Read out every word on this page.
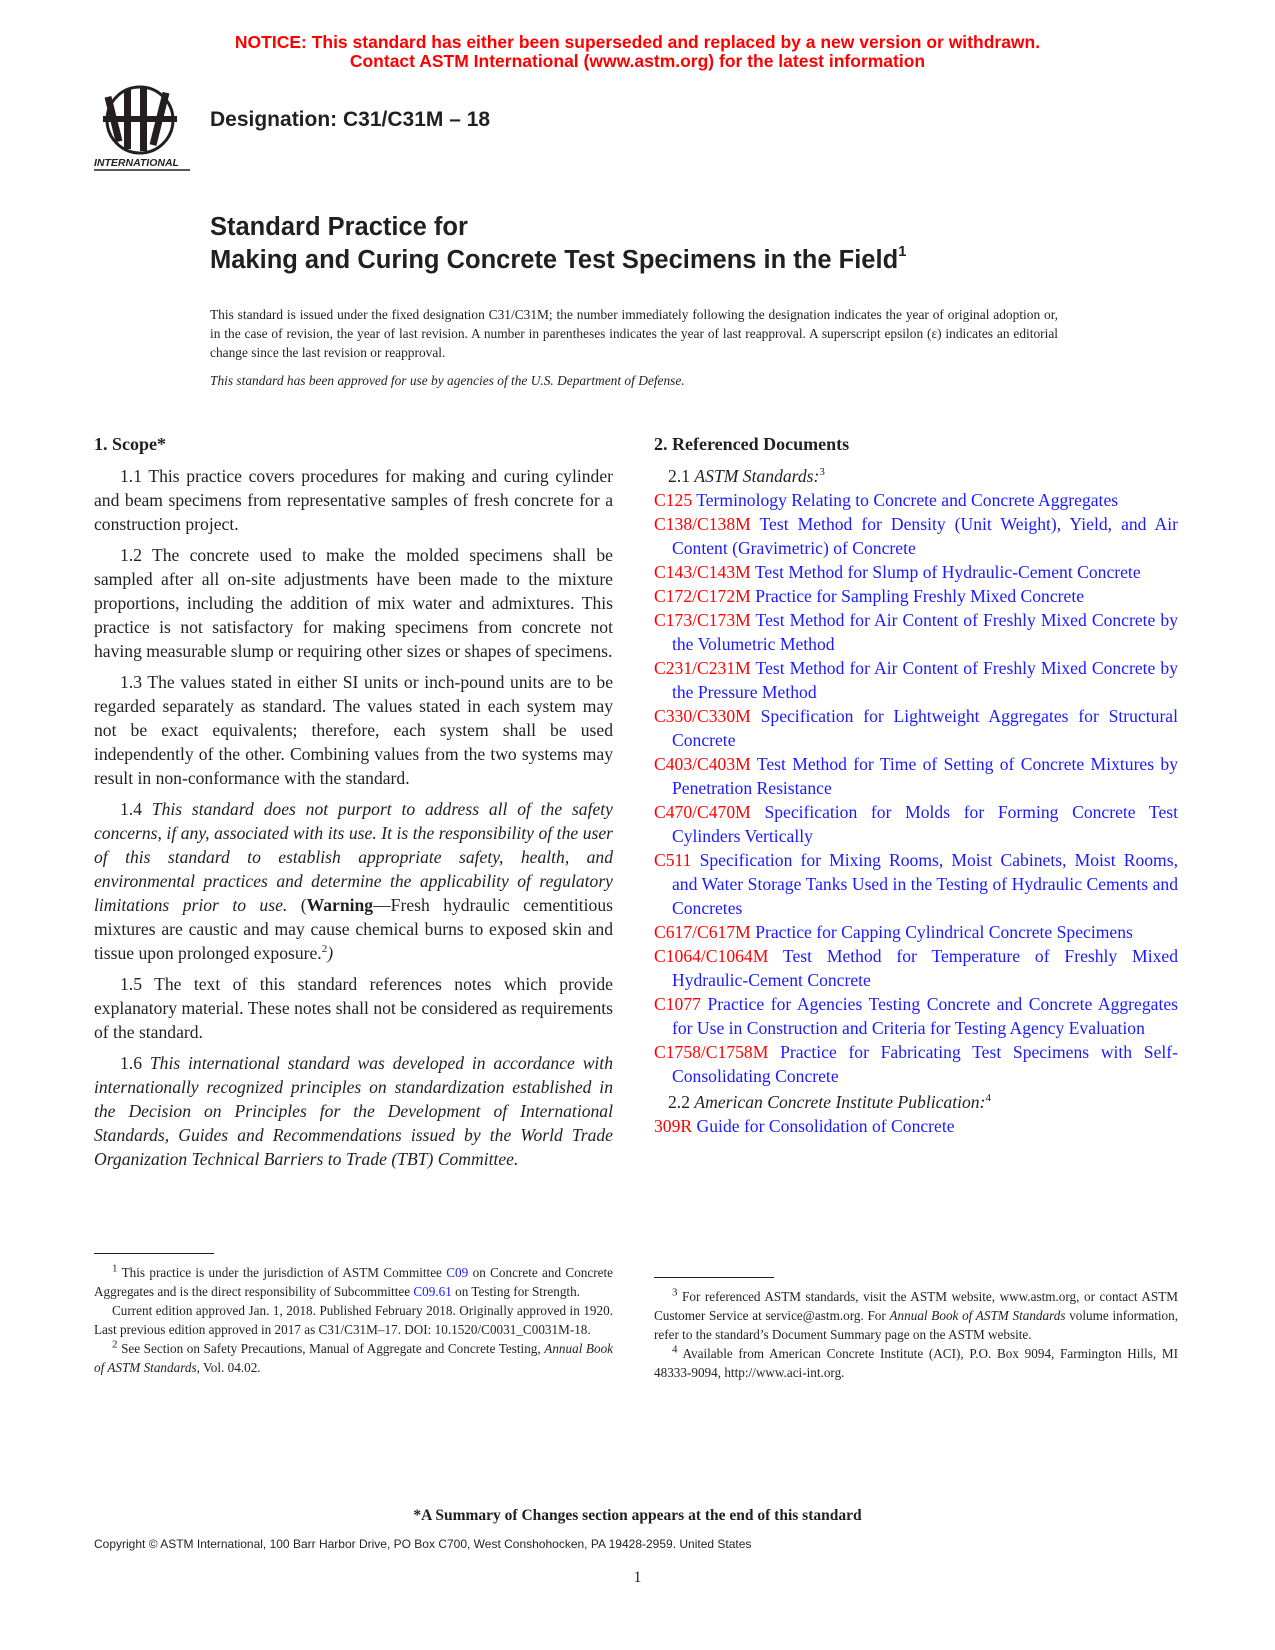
NOTICE: This standard has either been superseded and replaced by a new version or withdrawn.
Contact ASTM International (www.astm.org) for the latest information
INTERNATIONAL
Designation: C31/C31M – 18
Standard Practice for
Making and Curing Concrete Test Specimens in the Field$^1$
This standard is issued under the fixed designation C31/C31M; the number immediately following the designation indicates the year of original adoption or, in the case of revision, the year of last revision. A number in parentheses indicates the year of last reapproval. A superscript epsilon (ε) indicates an editorial change since the last revision or reapproval.
This standard has been approved for use by agencies of the U.S. Department of Defense.
1. Scope*

1.1 This practice covers procedures for making and curing cylinder and beam specimens from representative samples of fresh concrete for a construction project.

1.2 The concrete used to make the molded specimens shall be sampled after all on-site adjustments have been made to the mixture proportions, including the addition of mix water and admixtures. This practice is not satisfactory for making specimens from concrete not having measurable slump or requiring other sizes or shapes of specimens.

1.3 The values stated in either SI units or inch-pound units are to be regarded separately as standard. The values stated in each system may not be exact equivalents; therefore, each system shall be used independently of the other. Combining values from the two systems may result in non-conformance with the standard.

1.4 This standard does not purport to address all of the safety concerns, if any, associated with its use. It is the responsibility of the user of this standard to establish appropriate safety, health, and environmental practices and determine the applicability of regulatory limitations prior to use. (Warning—Fresh hydraulic cementitious mixtures are caustic and may cause chemical burns to exposed skin and tissue upon prolonged exposure.$^2$)

1.5 The text of this standard references notes which provide explanatory material. These notes shall not be considered as requirements of the standard.

1.6 This international standard was developed in accordance with internationally recognized principles on standardization established in the Decision on Principles for the Development of International Standards, Guides and Recommendations issued by the World Trade Organization Technical Barriers to Trade (TBT) Committee.

2. Referenced Documents

2.1 ASTM Standards:$^3$

C125 Terminology Relating to Concrete and Concrete Aggregates

C138/C138M Test Method for Density (Unit Weight), Yield, and Air Content (Gravimetric) of Concrete

C143/C143M Test Method for Slump of Hydraulic-Cement Concrete

C172/C172M Practice for Sampling Freshly Mixed Concrete

C173/C173M Test Method for Air Content of Freshly Mixed Concrete by the Volumetric Method

C231/C231M Test Method for Air Content of Freshly Mixed Concrete by the Pressure Method

C330/C330M Specification for Lightweight Aggregates for Structural Concrete

C403/C403M Test Method for Time of Setting of Concrete Mixtures by Penetration Resistance

C470/C470M Specification for Molds for Forming Concrete Test Cylinders Vertically

C511 Specification for Mixing Rooms, Moist Cabinets, Moist Rooms, and Water Storage Tanks Used in the Testing of Hydraulic Cements and Concretes

C617/C617M Practice for Capping Cylindrical Concrete Specimens

C1064/C1064M Test Method for Temperature of Freshly Mixed Hydraulic-Cement Concrete

C1077 Practice for Agencies Testing Concrete and Concrete Aggregates for Use in Construction and Criteria for Testing Agency Evaluation

C1758/C1758M Practice for Fabricating Test Specimens with Self-Consolidating Concrete

2.2 American Concrete Institute Publication:$^4$

309R Guide for Consolidation of Concrete

$^1$ This practice is under the jurisdiction of ASTM Committee C09 on Concrete and Concrete Aggregates and is the direct responsibility of Subcommittee C09.61 on Testing for Strength.

Current edition approved Jan. 1, 2018. Published February 2018. Originally approved in 1920. Last previous edition approved in 2017 as C31/C31M–17. DOI: 10.1520/C0031_C0031M-18.

$^2$ See Section on Safety Precautions, Manual of Aggregate and Concrete Testing, Annual Book of ASTM Standards, Vol. 04.02.

$^3$ For referenced ASTM standards, visit the ASTM website, www.astm.org, or contact ASTM Customer Service at service@astm.org. For Annual Book of ASTM Standards volume information, refer to the standard’s Document Summary page on the ASTM website.

$^4$ Available from American Concrete Institute (ACI), P.O. Box 9094, Farmington Hills, MI 48333-9094, http://www.aci-int.org.

*A Summary of Changes section appears at the end of this standard
Copyright © ASTM International, 100 Barr Harbor Drive, PO Box C700, West Conshohocken, PA 19428-2959. United States
1
